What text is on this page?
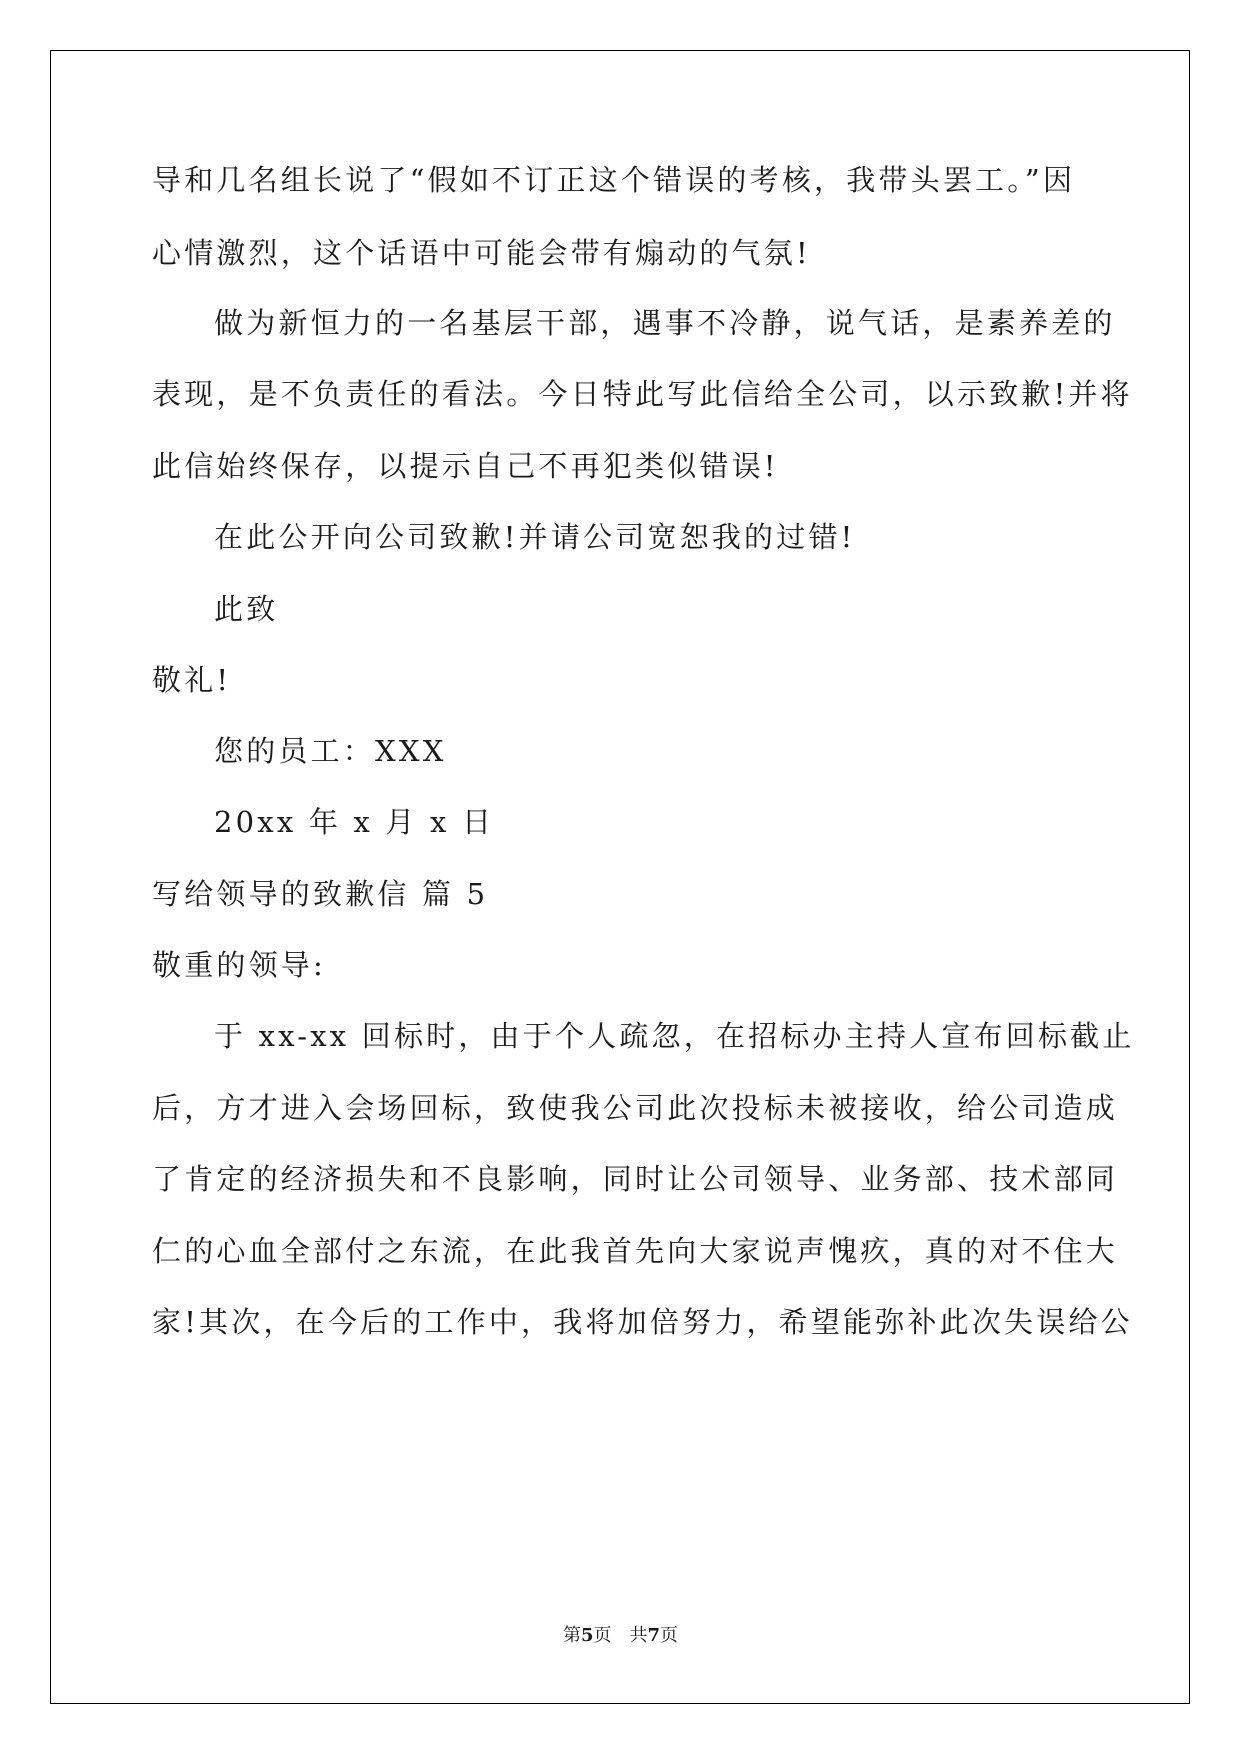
导和几名组长说了“假如不订正这个错误的考核，我带头罢工。”因
心情激烈，这个话语中可能会带有煽动的气氛!
做为新恒力的一名基层干部，遇事不冷静，说气话，是素养差的
表现，是不负责任的看法。今日特此写此信给全公司，以示致歉!并将
此信始终保存，以提示自己不再犯类似错误!
在此公开向公司致歉!并请公司宽恕我的过错!
此致
敬礼!
您的员工：XXX
20xx 年 x 月 x 日
写给领导的致歉信 篇 5
敬重的领导:
于 xx-xx 回标时，由于个人疏忽，在招标办主持人宣布回标截止
后，方才进入会场回标，致使我公司此次投标未被接收，给公司造成
了肯定的经济损失和不良影响，同时让公司领导、业务部、技术部同
仁的心血全部付之东流，在此我首先向大家说声愧疚，真的对不住大
家!其次，在今后的工作中，我将加倍努力，希望能弥补此次失误给公
第5页 共7页
